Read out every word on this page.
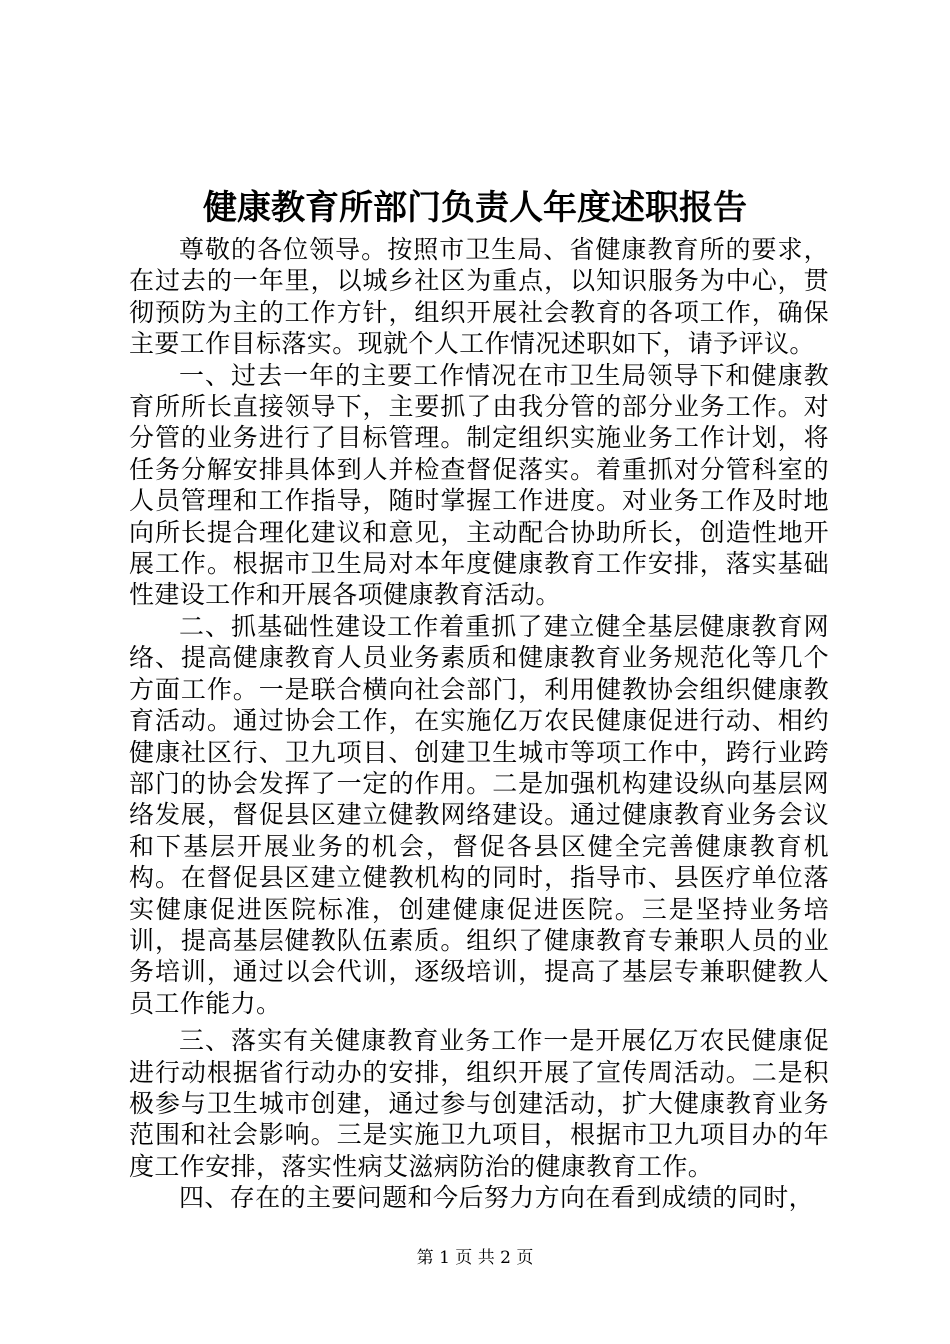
健康教育所部门负责人年度述职报告

尊敬的各位领导。按照市卫生局、省健康教育所的要求，在过去的一年里，以城乡社区为重点，以知识服务为中心，贯彻预防为主的工作方针，组织开展社会教育的各项工作，确保主要工作目标落实。现就个人工作情况述职如下，请予评议。

一、过去一年的主要工作情况在市卫生局领导下和健康教育所所长直接领导下，主要抓了由我分管的部分业务工作。对分管的业务进行了目标管理。制定组织实施业务工作计划，将任务分解安排具体到人并检查督促落实。着重抓对分管科室的人员管理和工作指导，随时掌握工作进度。对业务工作及时地向所长提合理化建议和意见，主动配合协助所长，创造性地开展工作。根据市卫生局对本年度健康教育工作安排，落实基础性建设工作和开展各项健康教育活动。

二、抓基础性建设工作着重抓了建立健全基层健康教育网络、提高健康教育人员业务素质和健康教育业务规范化等几个方面工作。一是联合横向社会部门，利用健教协会组织健康教育活动。通过协会工作，在实施亿万农民健康促进行动、相约健康社区行、卫九项目、创建卫生城市等项工作中，跨行业跨部门的协会发挥了一定的作用。二是加强机构建设纵向基层网络发展，督促县区建立健教网络建设。通过健康教育业务会议和下基层开展业务的机会，督促各县区健全完善健康教育机构。在督促县区建立健教机构的同时，指导市、县医疗单位落实健康促进医院标准，创建健康促进医院。三是坚持业务培训，提高基层健教队伍素质。组织了健康教育专兼职人员的业务培训，通过以会代训，逐级培训，提高了基层专兼职健教人员工作能力。

三、落实有关健康教育业务工作一是开展亿万农民健康促进行动根据省行动办的安排，组织开展了宣传周活动。二是积极参与卫生城市创建，通过参与创建活动，扩大健康教育业务范围和社会影响。三是实施卫九项目，根据市卫九项目办的年度工作安排，落实性病艾滋病防治的健康教育工作。

四、存在的主要问题和今后努力方向在看到成绩的同时，

第 1 页 共 2 页
